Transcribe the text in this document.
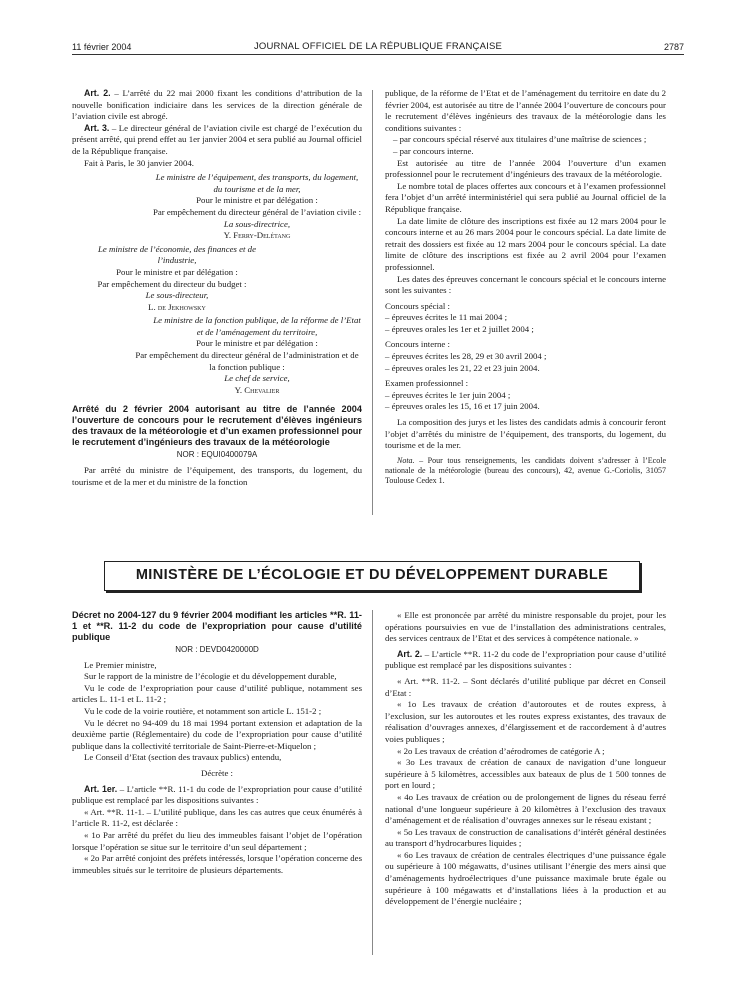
11 février 2004	JOURNAL OFFICIEL DE LA RÉPUBLIQUE FRANÇAISE	2787

Art. 2. – L’arrêté du 22 mai 2000 fixant les conditions d’attribution de la nouvelle bonification indiciaire dans les services de la direction générale de l’aviation civile est abrogé.

Art. 3. – Le directeur général de l’aviation civile est chargé de l’exécution du présent arrêté, qui prend effet au 1er janvier 2004 et sera publié au Journal officiel de la République française.

Fait à Paris, le 30 janvier 2004.

Le ministre de l’équipement, des transports, du logement, du tourisme et de la mer,
Pour le ministre et par délégation :
Par empêchement du directeur général de l’aviation civile :
La sous-directrice,
Y. Ferry-Delétang
Le ministre de l’économie, des finances et de l’industrie,
Pour le ministre et par délégation :
Par empêchement du directeur du budget :
Le sous-directeur,
L. de Jekhowsky
Le ministre de la fonction publique, de la réforme de l’Etat et de l’aménagement du territoire,
Pour le ministre et par délégation :
Par empêchement du directeur général de l’administration et de la fonction publique :
Le chef de service,
Y. Chevalier
Arrêté du 2 février 2004 autorisant au titre de l’année 2004 l’ouverture de concours pour le recrutement d’élèves ingénieurs des travaux de la météorologie et d’un examen professionnel pour le recrutement d’ingénieurs des travaux de la météorologie
NOR : EQUI0400079A

Par arrêté du ministre de l’équipement, des transports, du logement, du tourisme et de la mer et du ministre de la fonction

publique, de la réforme de l’Etat et de l’aménagement du territoire en date du 2 février 2004, est autorisée au titre de l’année 2004 l’ouverture de concours pour le recrutement d’élèves ingénieurs des travaux de la météorologie dans les conditions suivantes :

– par concours spécial réservé aux titulaires d’une maîtrise de sciences ;

– par concours interne.

Est autorisée au titre de l’année 2004 l’ouverture d’un examen professionnel pour le recrutement d’ingénieurs des travaux de la météorologie.

Le nombre total de places offertes aux concours et à l’examen professionnel fera l’objet d’un arrêté interministériel qui sera publié au Journal officiel de la République française.

La date limite de clôture des inscriptions est fixée au 12 mars 2004 pour le concours interne et au 26 mars 2004 pour le concours spécial. La date limite de retrait des dossiers est fixée au 12 mars 2004 pour le concours spécial. La date limite de clôture des inscriptions est fixée au 2 avril 2004 pour l’examen professionnel.

Les dates des épreuves concernant le concours spécial et le concours interne sont les suivantes :

Concours spécial :

– épreuves écrites le 11 mai 2004 ;

– épreuves orales les 1er et 2 juillet 2004 ;

Concours interne :

– épreuves écrites les 28, 29 et 30 avril 2004 ;

– épreuves orales les 21, 22 et 23 juin 2004.

Examen professionnel :

– épreuves écrites le 1er juin 2004 ;

– épreuves orales les 15, 16 et 17 juin 2004.

La composition des jurys et les listes des candidats admis à concourir feront l’objet d’arrêtés du ministre de l’équipement, des transports, du logement, du tourisme et de la mer.

Nota. – Pour tous renseignements, les candidats doivent s’adresser à l’Ecole nationale de la météorologie (bureau des concours), 42, avenue G.-Coriolis, 31057 Toulouse Cedex 1.

MINISTÈRE DE L’ÉCOLOGIE ET DU DÉVELOPPEMENT DURABLE
Décret no 2004-127 du 9 février 2004 modifiant les articles **R. 11-1 et **R. 11-2 du code de l’expropriation pour cause d’utilité publique
NOR : DEVD0420000D

Le Premier ministre,

Sur le rapport de la ministre de l’écologie et du développement durable,

Vu le code de l’expropriation pour cause d’utilité publique, notamment ses articles L. 11-1 et L. 11-2 ;

Vu le code de la voirie routière, et notamment son article L. 151-2 ;

Vu le décret no 94-409 du 18 mai 1994 portant extension et adaptation de la deuxième partie (Réglementaire) du code de l’expropriation pour cause d’utilité publique dans la collectivité territoriale de Saint-Pierre-et-Miquelon ;

Le Conseil d’Etat (section des travaux publics) entendu,

Décrète :

Art. 1er. – L’article **R. 11-1 du code de l’expropriation pour cause d’utilité publique est remplacé par les dispositions suivantes :

« Art. **R. 11-1. – L’utilité publique, dans les cas autres que ceux énumérés à l’article R. 11-2, est déclarée :

« 1o Par arrêté du préfet du lieu des immeubles faisant l’objet de l’opération lorsque l’opération se situe sur le territoire d’un seul département ;

« 2o Par arrêté conjoint des préfets intéressés, lorsque l’opération concerne des immeubles situés sur le territoire de plusieurs départements.

« Elle est prononcée par arrêté du ministre responsable du projet, pour les opérations poursuivies en vue de l’installation des administrations centrales, des services centraux de l’Etat et des services à compétence nationale. »

Art. 2. – L’article **R. 11-2 du code de l’expropriation pour cause d’utilité publique est remplacé par les dispositions suivantes :

« Art. **R. 11-2. – Sont déclarés d’utilité publique par décret en Conseil d’Etat :

« 1o Les travaux de création d’autoroutes et de routes express, à l’exclusion, sur les autoroutes et les routes express existantes, des travaux de réalisation d’ouvrages annexes, d’élargissement et de raccordement à d’autres voies publiques ;

« 2o Les travaux de création d’aérodromes de catégorie A ;

« 3o Les travaux de création de canaux de navigation d’une longueur supérieure à 5 kilomètres, accessibles aux bateaux de plus de 1 500 tonnes de port en lourd ;

« 4o Les travaux de création ou de prolongement de lignes du réseau ferré national d’une longueur supérieure à 20 kilomètres à l’exclusion des travaux d’aménagement et de réalisation d’ouvrages annexes sur le réseau existant ;

« 5o Les travaux de construction de canalisations d’intérêt général destinées au transport d’hydrocarbures liquides ;

« 6o Les travaux de création de centrales électriques d’une puissance égale ou supérieure à 100 mégawatts, d’usines utilisant l’énergie des mers ainsi que d’aménagements hydroélectriques d’une puissance maximale brute égale ou supérieure à 100 mégawatts et d’installations liées à la production et au développement de l’énergie nucléaire ;
